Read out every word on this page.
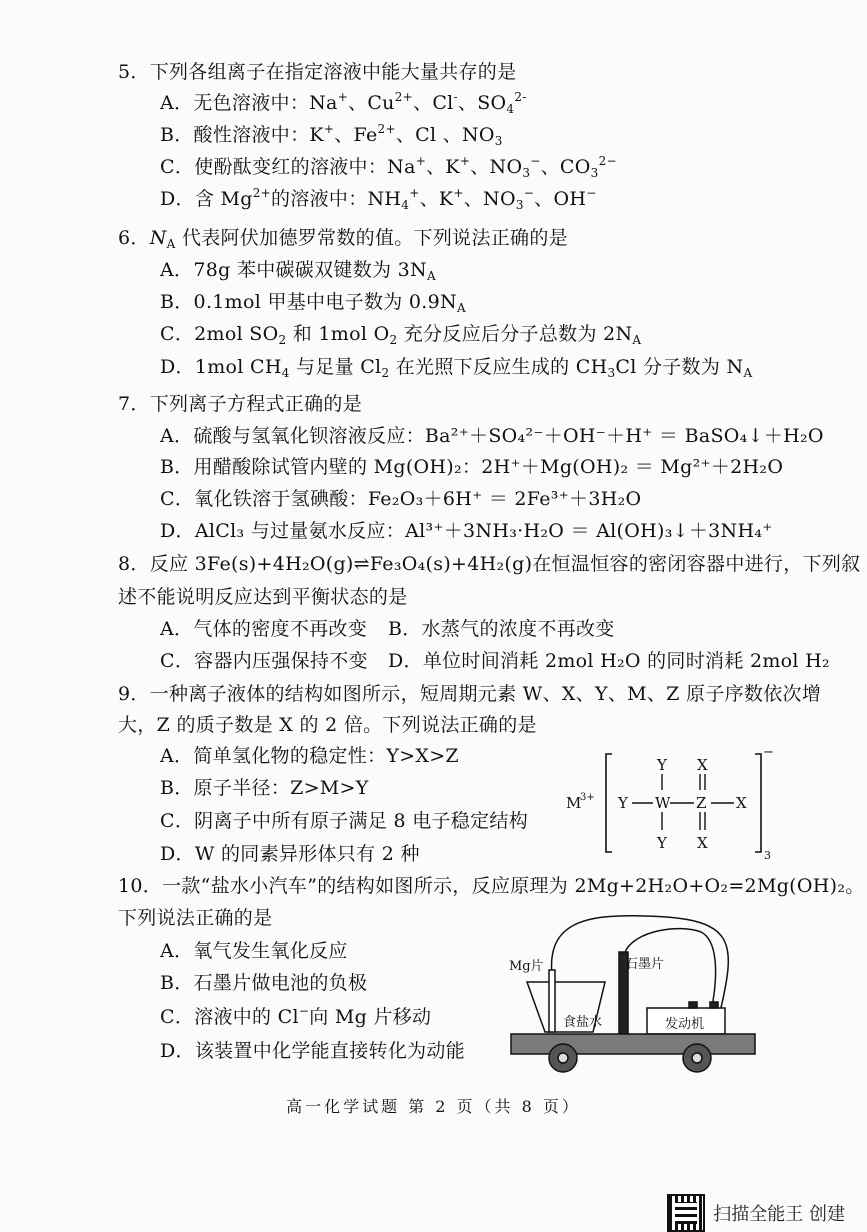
5．下列各组离子在指定溶液中能大量共存的是
A．无色溶液中：Na+、$Cu^{2+}$、Cl-、$SO_4^{2-}$
B．酸性溶液中：K+、$Fe^{2+}$、Cl 、$NO_3$
C．使酚酞变红的溶液中：Na+、K+、$NO_3^-$、$CO_3^{2-}$
D．含 $Mg^{2+}$的溶液中：$NH_4^+$、K+、$NO_3^-$、OH−
6．$N_A$ 代表阿伏加德罗常数的值。下列说法正确的是
A．78g 苯中碳碳双键数为 $3N_A$
B．0.1mol 甲基中电子数为 $0.9N_A$
C．2mol $SO_2$ 和 1mol $O_2$ 充分反应后分子总数为 $2N_A$
D．1mol $CH_4$ 与足量 $Cl_2$ 在光照下反应生成的 $CH_3Cl$ 分子数为 $N_A$
7．下列离子方程式正确的是
A．硫酸与氢氧化钡溶液反应：Ba²⁺＋SO₄²⁻＋OH⁻＋H⁺ ＝ BaSO₄↓＋H₂O
B．用醋酸除试管内壁的 Mg(OH)₂：2H⁺＋Mg(OH)₂ ＝ Mg²⁺＋2H₂O
C．氧化铁溶于氢碘酸：Fe₂O₃＋6H⁺ ＝ 2Fe³⁺＋3H₂O
D．AlCl₃ 与过量氨水反应：Al³⁺＋3NH₃·H₂O ＝ Al(OH)₃↓＋3NH₄⁺
8．反应 3Fe(s)+4H₂O(g)⇌Fe₃O₄(s)+4H₂(g)在恒温恒容的密闭容器中进行，下列叙
述不能说明反应达到平衡状态的是
A．气体的密度不再改变 B．水蒸气的浓度不再改变
C．容器内压强保持不变 D．单位时间消耗 2mol H₂O 的同时消耗 2mol H₂
9．一种离子液体的结构如图所示，短周期元素 W、X、Y、M、Z 原子序数依次增
大，Z 的质子数是 X 的 2 倍。下列说法正确的是
A．简单氢化物的稳定性：Y>X>Z
B．原子半径：Z>M>Y
C．阴离子中所有原子满足 8 电子稳定结构
D．W 的同素异形体只有 2 种
M
3+
−
3
Y W Z X
Y
Y
X
X
10．一款“盐水小汽车”的结构如图所示，反应原理为 2Mg+2H₂O+O₂=2Mg(OH)₂。
下列说法正确的是
A．氧气发生氧化反应
B．石墨片做电池的负极
C．溶液中的 Cl−向 Mg 片移动
D．该装置中化学能直接转化为动能
Mg片	石墨片
食盐水	发动机
高一化学试题 第 2 页（共 8 页）
扫描全能王 创建
